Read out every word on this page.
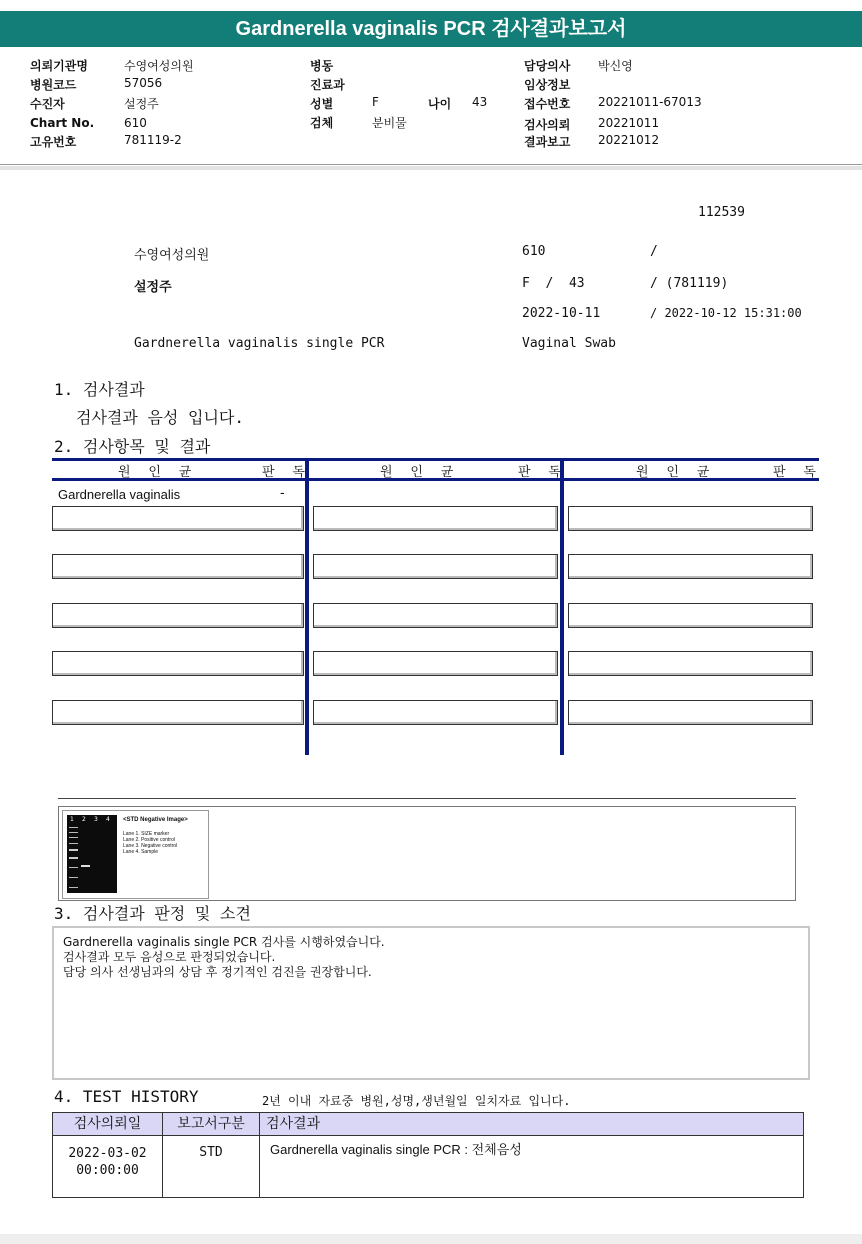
Gardnerella vaginalis PCR 검사결과보고서
의뢰기관명	수영여성의원
병원코드	57056
수진자	설정주
Chart No. 610
고유번호	781119-2
병동
진료과
성별	F	나이 43
검체	분비물
담당의사 박신영
임상정보
접수번호 20221011-67013
검사의뢰 20221011
결과보고 20221012
112539
수영여성의원	610	/
설정주	F  /  43	/ (781119)
2022-10-11	/ 2022-10-12 15:31:00
Gardnerella vaginalis single PCR	Vaginal Swab
1. 검사결과
검사결과 음성 입니다.
2. 검사항목 및 결과
원 인 균	판 독	원 인 균	판 독	원 인 균	판 독
Gardnerella vaginalis	-
1 2 3 4 <STD Negative Image>
Lane 1. SIZE marker
Lane 2. Positive control
Lane 3. Negative control
Lane 4. Sample
3. 검사결과 판정 및 소견
Gardnerella vaginalis single PCR 검사를 시행하였습니다.
검사결과 모두 음성으로 판정되었습니다.
담당 의사 선생님과의 상담 후 정기적인 검진을 권장합니다.
4. TEST HISTORY	2년 이내 자료중 병원,성명,생년월일 일치자료 입니다.
검사의뢰일	보고서구분	검사결과
2022-03-02
00:00:00
STD	Gardnerella vaginalis single PCR : 전체음성
